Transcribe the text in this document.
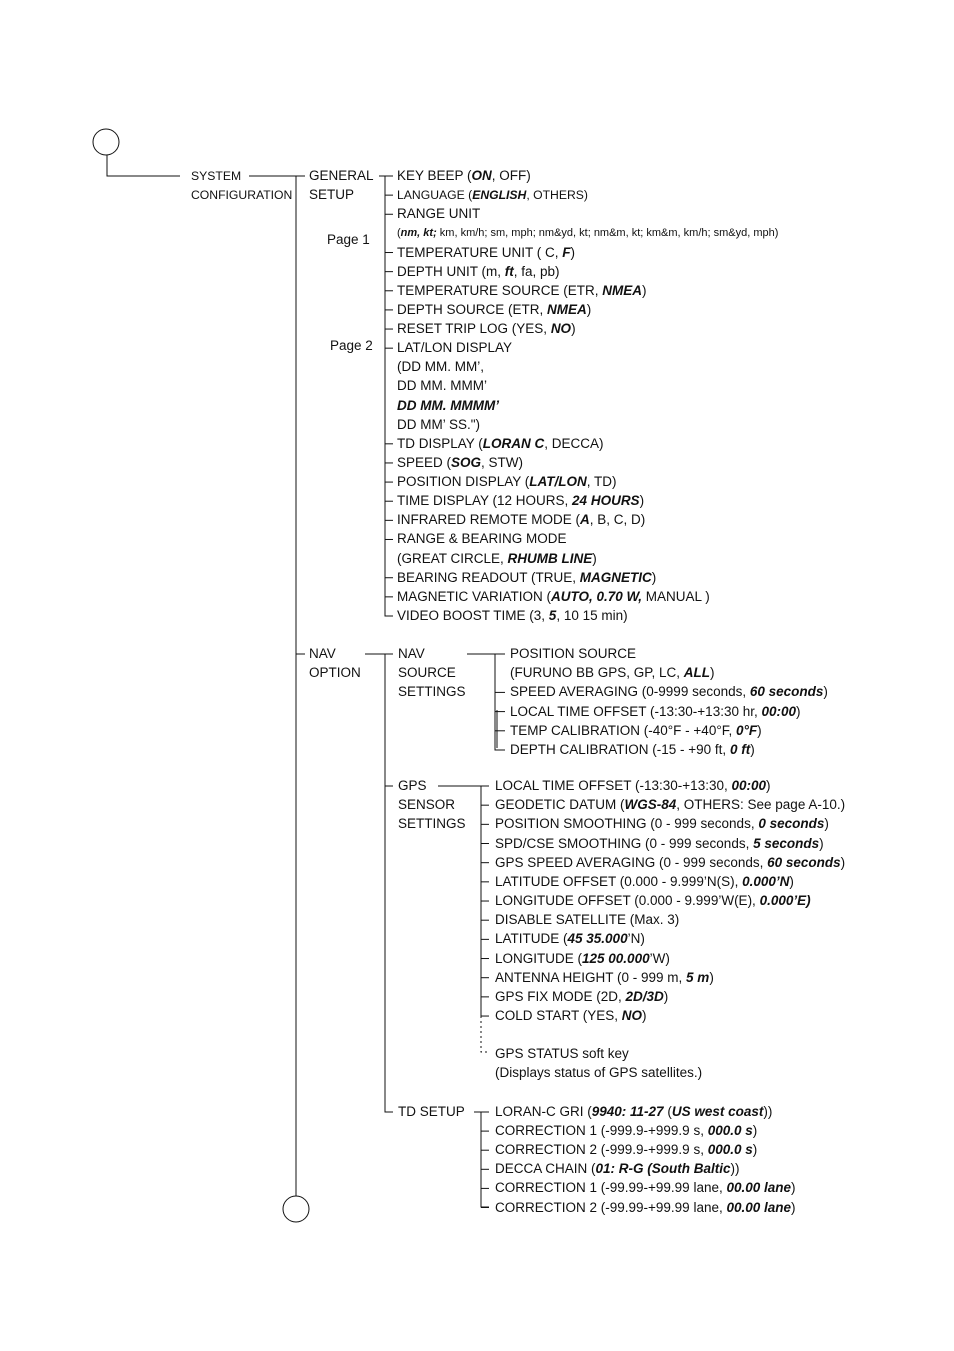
SYSTEM
CONFIGURATION
GENERAL
SETUP
Page 1
Page 2
KEY BEEP (ON, OFF)
LANGUAGE (ENGLISH, OTHERS)
RANGE UNIT
(nm, kt; km, km/h; sm, mph; nm&yd, kt; nm&m, kt; km&m, km/h; sm&yd, mph)
TEMPERATURE UNIT ( C, F)
DEPTH UNIT (m, ft, fa, pb)
TEMPERATURE SOURCE (ETR, NMEA)
DEPTH SOURCE (ETR, NMEA)
RESET TRIP LOG (YES, NO)
LAT/LON DISPLAY
(DD MM. MM’,
DD MM. MMM’
DD MM. MMMM’
DD MM’ SS.")
TD DISPLAY (LORAN C, DECCA)
SPEED (SOG, STW)
POSITION DISPLAY (LAT/LON, TD)
TIME DISPLAY (12 HOURS, 24 HOURS)
INFRARED REMOTE MODE (A, B, C, D)
RANGE & BEARING MODE
(GREAT CIRCLE, RHUMB LINE)
BEARING READOUT (TRUE, MAGNETIC)
MAGNETIC VARIATION (AUTO, 0.70 W, MANUAL )
VIDEO BOOST TIME (3, 5, 10 15 min)
NAV
OPTION
NAV
SOURCE
SETTINGS
POSITION SOURCE
(FURUNO BB GPS, GP, LC, ALL)
SPEED AVERAGING (0-9999 seconds, 60 seconds)
LOCAL TIME OFFSET (-13:30-+13:30 hr, 00:00)
TEMP CALIBRATION (-40°F - +40°F, 0°F)
DEPTH CALIBRATION (-15 - +90 ft, 0 ft)
GPS
SENSOR
SETTINGS
LOCAL TIME OFFSET (-13:30-+13:30, 00:00)
GEODETIC DATUM (WGS-84, OTHERS: See page A-10.)
POSITION SMOOTHING (0 - 999 seconds, 0 seconds)
SPD/CSE SMOOTHING (0 - 999 seconds, 5 seconds)
GPS SPEED AVERAGING (0 - 999 seconds, 60 seconds)
LATITUDE OFFSET (0.000 - 9.999’N(S), 0.000’N)
LONGITUDE OFFSET (0.000 - 9.999’W(E), 0.000’E)
DISABLE SATELLITE (Max. 3)
LATITUDE (45 35.000’N)
LONGITUDE (125 00.000’W)
ANTENNA HEIGHT (0 - 999 m, 5 m)
GPS FIX MODE (2D, 2D/3D)
COLD START (YES, NO)
GPS STATUS soft key
(Displays status of GPS satellites.)
TD SETUP LORAN-C GRI (9940: 11-27 (US west coast))
CORRECTION 1 (-999.9-+999.9 s, 000.0 s)
CORRECTION 2 (-999.9-+999.9 s, 000.0 s)
DECCA CHAIN (01: R-G (South Baltic))
CORRECTION 1 (-99.99-+99.99 lane, 00.00 lane)
CORRECTION 2 (-99.99-+99.99 lane, 00.00 lane)
